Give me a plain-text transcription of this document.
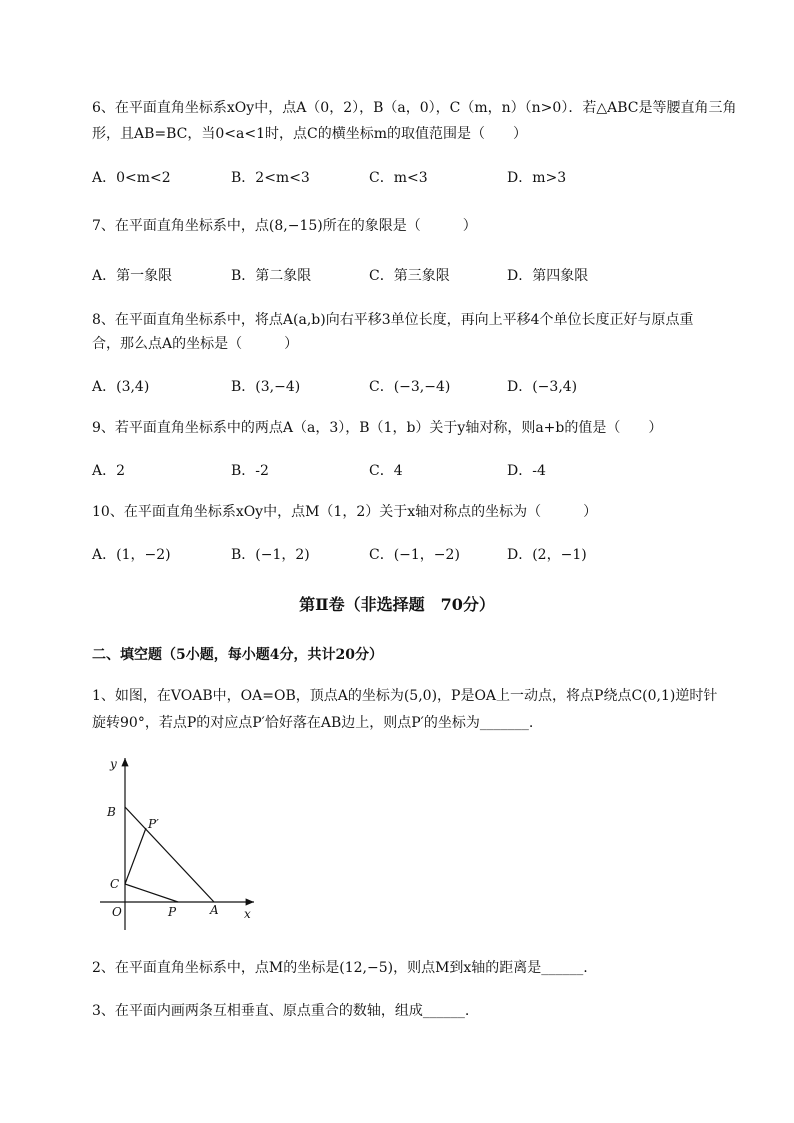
6、在平面直角坐标系xOy中，点A（0，2），B（a，0），C（m，n）（n>0）．若△ABC是等腰直角三角
形，且AB=BC，当0<a<1时，点C的横坐标m的取值范围是（　　）
A．0<m<2	B．2<m<3	C．m<3	D．m>3
7、在平面直角坐标系中，点(8,−15)所在的象限是（　　　）
A．第一象限	B．第二象限	C．第三象限	D．第四象限
8、在平面直角坐标系中，将点A(a,b)向右平移3单位长度，再向上平移4个单位长度正好与原点重
合，那么点A的坐标是（　　　）
A．(3,4)	B．(3,−4)	C．(−3,−4)	D．(−3,4)
9、若平面直角坐标系中的两点A（a，3），B（1，b）关于y轴对称，则a+b的值是（　　）
A．2	B．-2	C．4	D．-4
10、在平面直角坐标系xOy中，点M（1，2）关于x轴对称点的坐标为（　　　）
A．(1，−2)	B．(−1，2)	C．(−1，−2)	D．(2，−1)
第Ⅱ卷（非选择题　70分）
二、填空题（5小题，每小题4分，共计20分）
1、如图，在VOAB中，OA=OB，顶点A的坐标为(5,0)，P是OA上一动点，将点P绕点C(0,1)逆时针
旋转90°，若点P的对应点P′恰好落在AB边上，则点P′的坐标为_______.
y
x
B
P′
C
O	P	A
2、在平面直角坐标系中，点M的坐标是(12,−5)，则点M到x轴的距离是______.
3、在平面内画两条互相垂直、原点重合的数轴，组成______.
